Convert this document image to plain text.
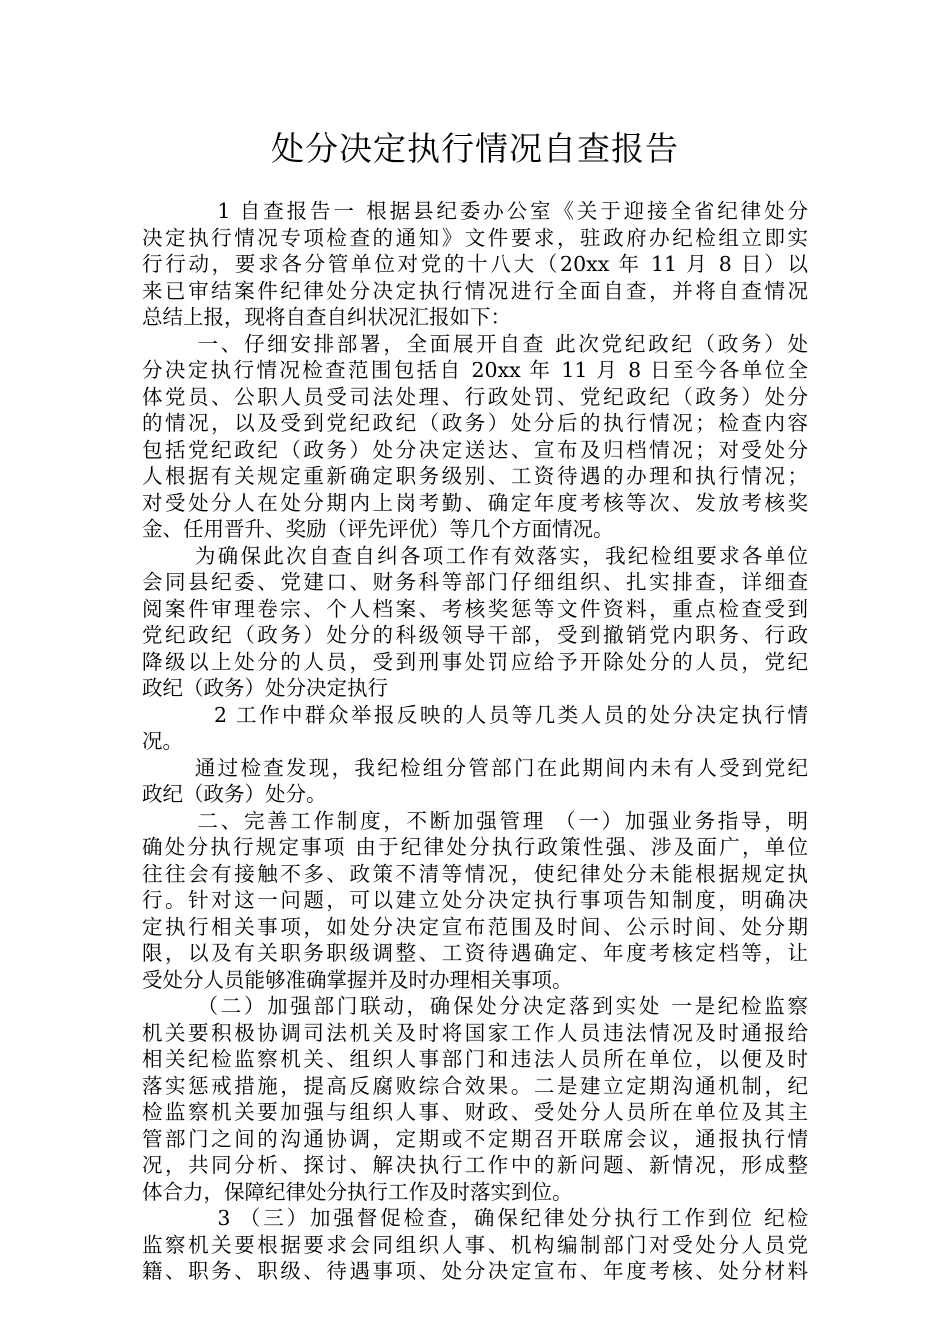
处分决定执行情况自查报告
1 自查报告一 根据县纪委办公室《关于迎接全省纪律处分
决定执行情况专项检查的通知》文件要求，驻政府办纪检组立即实
行行动，要求各分管单位对党的十八大（20xx 年 11 月 8 日）以
来已审结案件纪律处分决定执行情况进行全面自查，并将自查情况
总结上报，现将自查自纠状况汇报如下：
一、仔细安排部署，全面展开自查 此次党纪政纪（政务）处
分决定执行情况检查范围包括自 20xx 年 11 月 8 日至今各单位全
体党员、公职人员受司法处理、行政处罚、党纪政纪（政务）处分
的情况，以及受到党纪政纪（政务）处分后的执行情况；检查内容
包括党纪政纪（政务）处分决定送达、宣布及归档情况；对受处分
人根据有关规定重新确定职务级别、工资待遇的办理和执行情况；
对受处分人在处分期内上岗考勤、确定年度考核等次、发放考核奖
金、任用晋升、奖励（评先评优）等几个方面情况。
为确保此次自查自纠各项工作有效落实，我纪检组要求各单位
会同县纪委、党建口、财务科等部门仔细组织、扎实排查，详细查
阅案件审理卷宗、个人档案、考核奖惩等文件资料，重点检查受到
党纪政纪（政务）处分的科级领导干部，受到撤销党内职务、行政
降级以上处分的人员，受到刑事处罚应给予开除处分的人员，党纪
政纪（政务）处分决定执行
2 工作中群众举报反映的人员等几类人员的处分决定执行情
况。
通过检查发现，我纪检组分管部门在此期间内未有人受到党纪
政纪（政务）处分。
二、完善工作制度，不断加强管理 （一）加强业务指导，明
确处分执行规定事项 由于纪律处分执行政策性强、涉及面广，单位
往往会有接触不多、政策不清等情况，使纪律处分未能根据规定执
行。针对这一问题，可以建立处分决定执行事项告知制度，明确决
定执行相关事项，如处分决定宣布范围及时间、公示时间、处分期
限，以及有关职务职级调整、工资待遇确定、年度考核定档等，让
受处分人员能够准确掌握并及时办理相关事项。
（二）加强部门联动，确保处分决定落到实处 一是纪检监察
机关要积极协调司法机关及时将国家工作人员违法情况及时通报给
相关纪检监察机关、组织人事部门和违法人员所在单位，以便及时
落实惩戒措施，提高反腐败综合效果。二是建立定期沟通机制，纪
检监察机关要加强与组织人事、财政、受处分人员所在单位及其主
管部门之间的沟通协调，定期或不定期召开联席会议，通报执行情
况，共同分析、探讨、解决执行工作中的新问题、新情况，形成整
体合力，保障纪律处分执行工作及时落实到位。
3 （三）加强督促检查，确保纪律处分执行工作到位 纪检
监察机关要根据要求会同组织人事、机构编制部门对受处分人员党
籍、职务、职级、待遇事项、处分决定宣布、年度考核、处分材料
